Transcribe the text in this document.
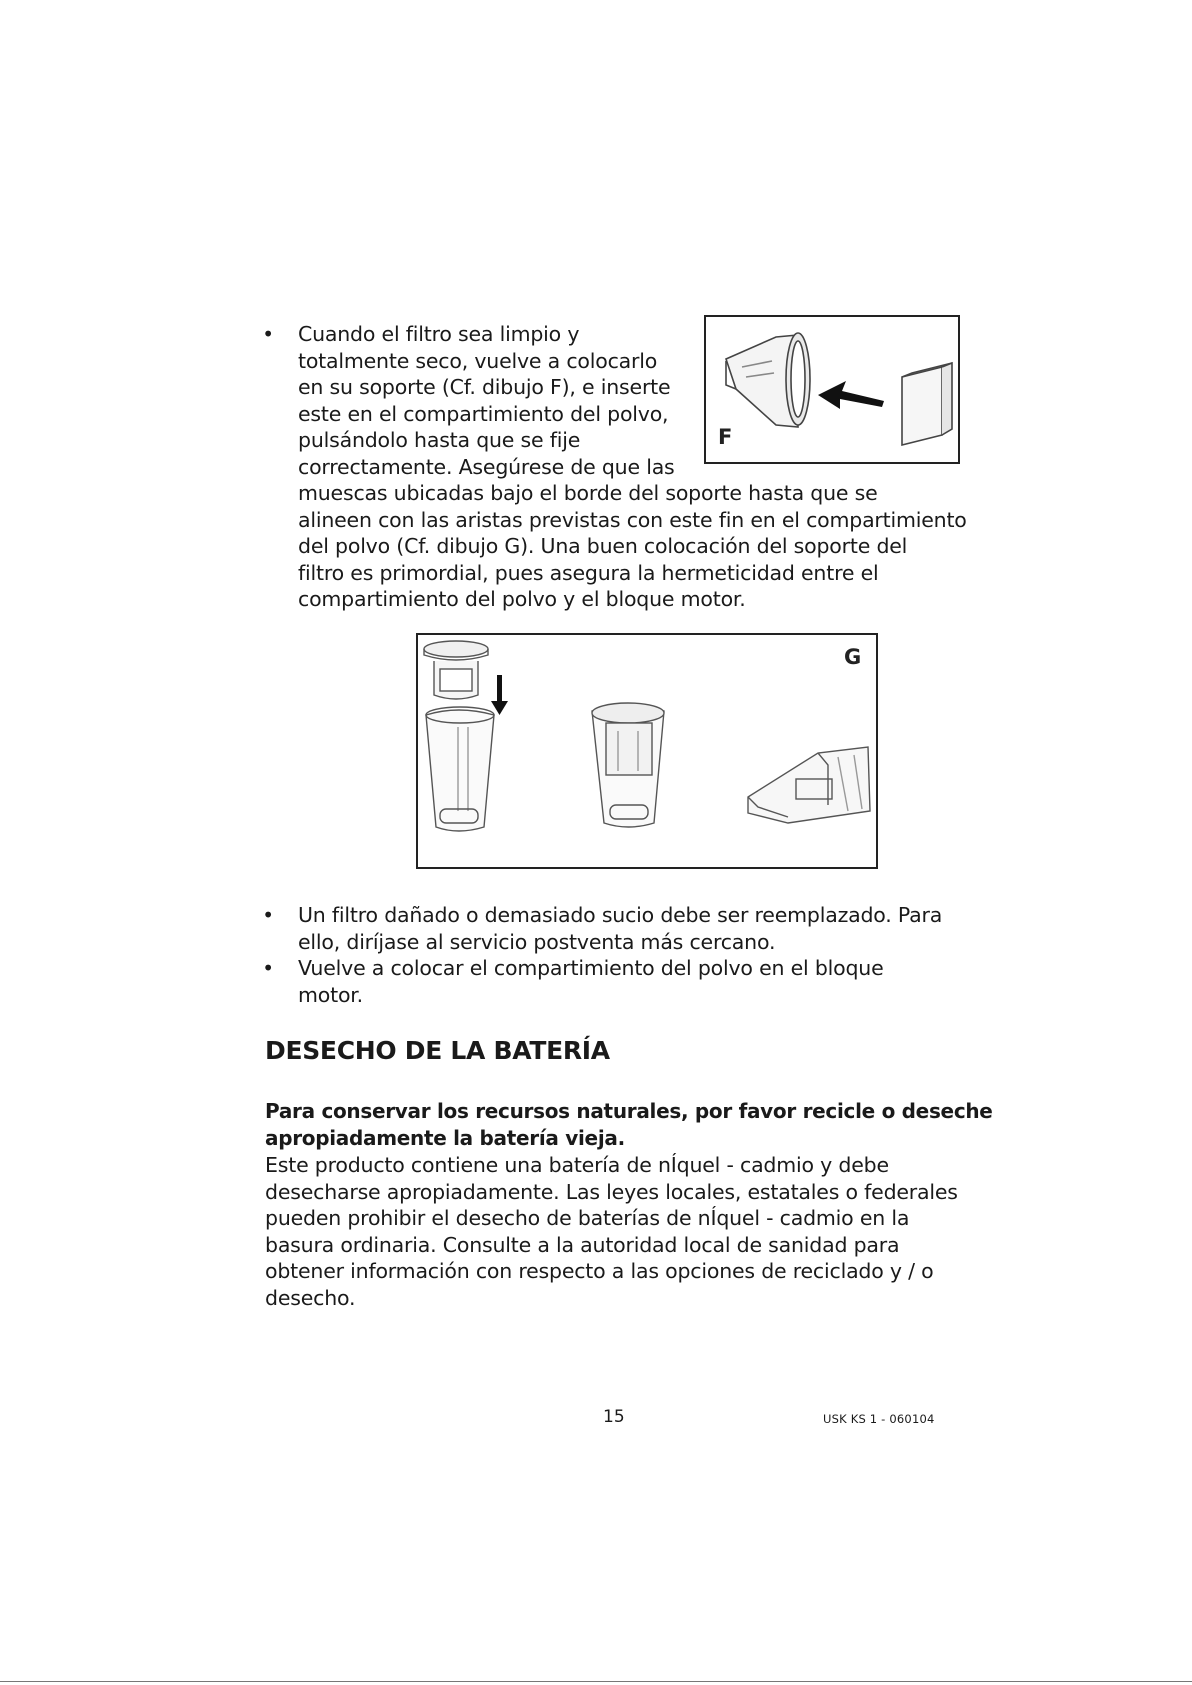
• Cuando el filtro sea limpio y
totalmente seco, vuelve a colocarlo
en su soporte (Cf. dibujo F), e inserte
este en el compartimiento del polvo,
pulsándolo hasta que se fije
correctamente. Asegúrese de que las
muescas ubicadas bajo el borde del soporte hasta que se
alineen con las aristas previstas con este fin en el compartimiento
del polvo (Cf. dibujo G). Una buen colocación del soporte del
filtro es primordial, pues asegura la hermeticidad entre el
compartimiento del polvo y el bloque motor.
F
G
• Un filtro dañado o demasiado sucio debe ser reemplazado. Para
ello, diríjase al servicio postventa más cercano.
• Vuelve a colocar el compartimiento del polvo en el bloque
motor.
DESECHO DE LA BATERÍA
Para conservar los recursos naturales, por favor recicle o deseche
apropiadamente la batería vieja.
Este producto contiene una batería de nÍquel - cadmio y debe
desecharse apropiadamente. Las leyes locales, estatales o federales
pueden prohibir el desecho de baterías de nÍquel - cadmio en la
basura ordinaria. Consulte a la autoridad local de sanidad para
obtener información con respecto a las opciones de reciclado y / o
desecho.
15	USK KS 1 - 060104
